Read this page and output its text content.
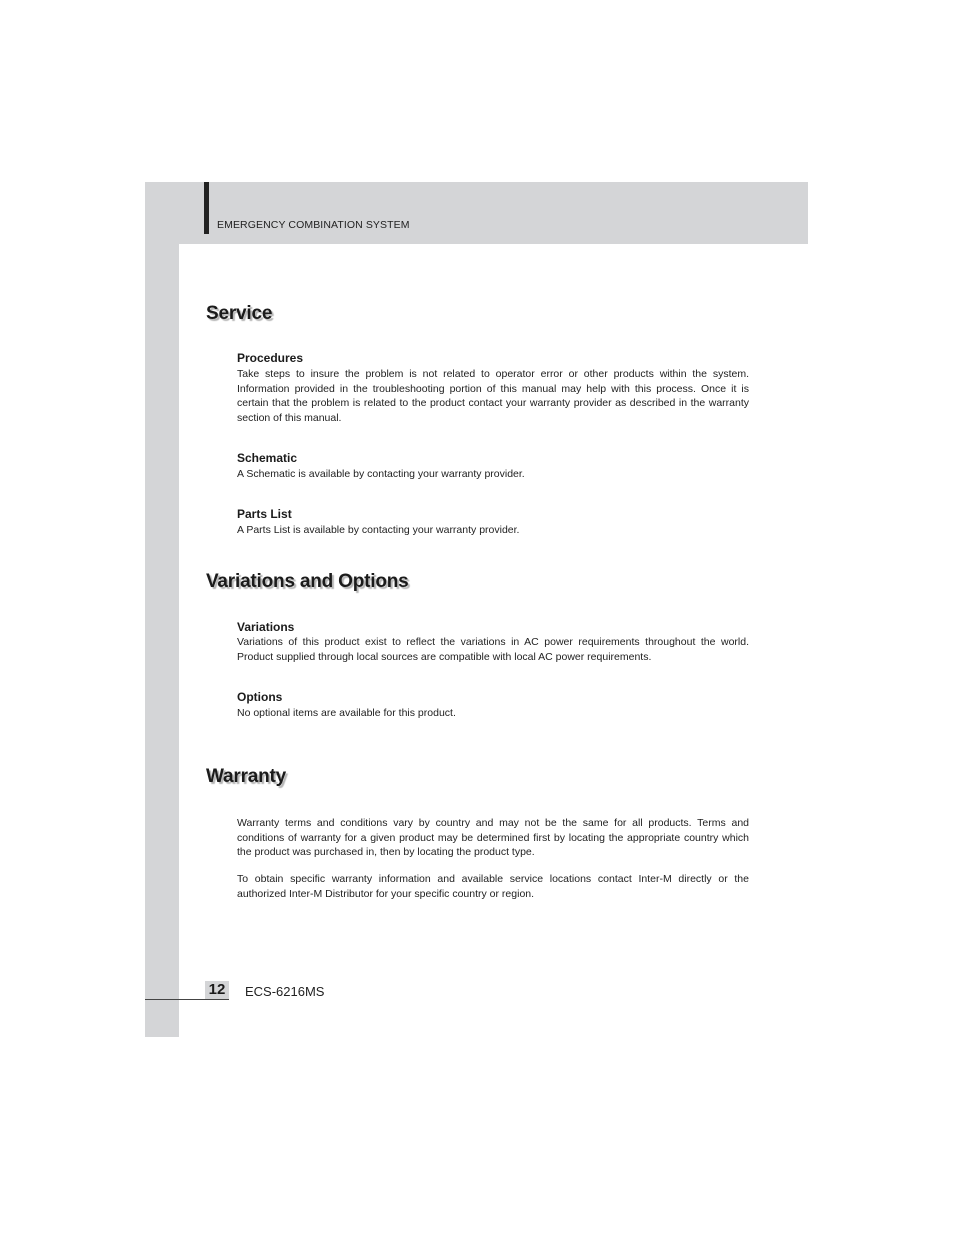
EMERGENCY COMBINATION SYSTEM
Service
Procedures
Take steps to insure the problem is not related to operator error or other products within the system. Information provided in the troubleshooting portion of this manual may help with this process. Once it is certain that the problem is related to the product contact your warranty provider as described in the warranty section of this manual.
Schematic
A Schematic is available by contacting your warranty provider.
Parts List
A Parts List is available by contacting your warranty provider.
Variations and Options
Variations
Variations of this product exist to reflect the variations in AC power requirements throughout the world. Product supplied through local sources are compatible with local AC power requirements.
Options
No optional items are available for this product.
Warranty
Warranty terms and conditions vary by country and may not be the same for all products. Terms and conditions of warranty for a given product may be determined first by locating the appropriate country which the product was purchased in, then by locating the product type.
To obtain specific warranty information and available service locations contact Inter-M directly or the authorized Inter-M Distributor for your specific country or region.
12 ECS-6216MS
